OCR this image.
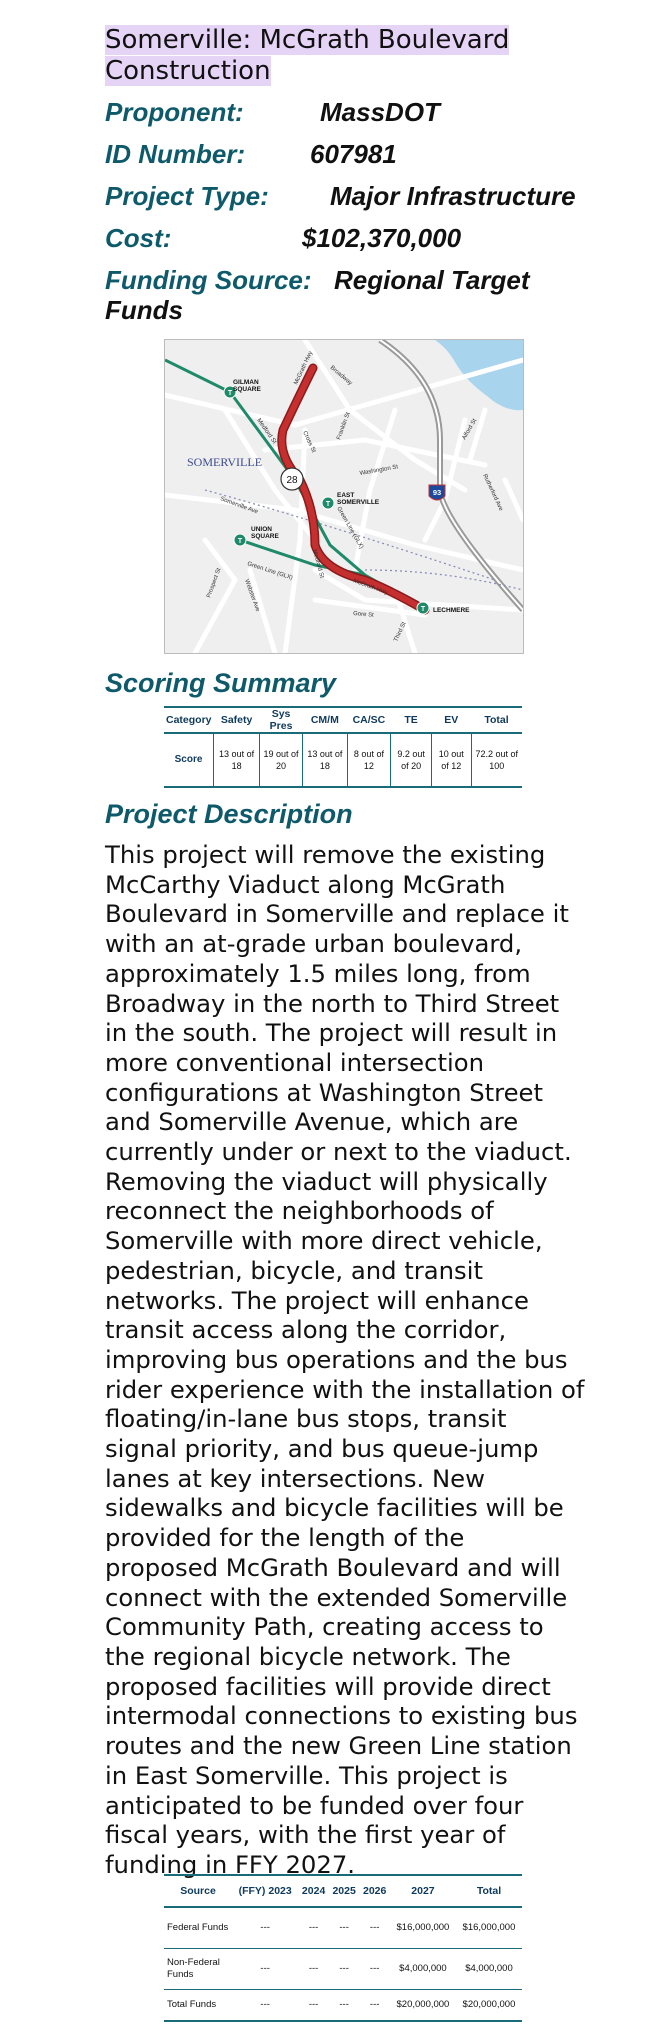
Somerville: McGrath Boulevard Construction
Proponent:	MassDOT
ID Number: 607981
Project Type: Major Infrastructure
Cost:	$102,370,000
Funding Source: Regional Target
Funds
T
T
T
T
28
93
GILMAN
SQUARE
EAST
SOMERVILLE
UNION
SQUARE
LECHMERE
SOMERVILLE
Broadway
McGrath Hwy
Medford St	Cross St
Franklin St
Washington St
Somerville Ave
Green Line (GLX)
Green Line (GLX)
Prospect St	Webster Ave
Medford St
McGrath Hwy
Gore St
Third St
Alford St
Rutherford Ave
Scoring Summary
Category	Safety	Sys Pres	CM/M	CA/SC	TE	EV	Total
Score	13 out of 18	19 out of 20	13 out of 18	8 out of 12	9.2 out of 20	10 out of 12	72.2 out of 100
Project Description
This project will remove the existing McCarthy Viaduct along McGrath Boulevard in Somerville and replace it with an at-grade urban boulevard, approximately 1.5 miles long, from Broadway in the north to Third Street in the south. The project will result in more conventional intersection configurations at Washington Street and Somerville Avenue, which are currently under or next to the viaduct. Removing the viaduct will physically reconnect the neighborhoods of Somerville with more direct vehicle, pedestrian, bicycle, and transit networks. The project will enhance transit access along the corridor, improving bus operations and the bus rider experience with the installation of floating/in-lane bus stops, transit signal priority, and bus queue-jump lanes at key intersections. New sidewalks and bicycle facilities will be provided for the length of the proposed McGrath Boulevard and will connect with the extended Somerville Community Path, creating access to the regional bicycle network. The proposed facilities will provide direct intermodal connections to existing bus routes and the new Green Line station in East Somerville. This project is anticipated to be funded over four fiscal years, with the first year of funding in FFY 2027.
Source	(FFY) 2023	2024	2025	2026	2027	Total
Federal Funds	---	---	---	---	$16,000,000	$16,000,000
Non-Federal Funds	---	---	---	---	$4,000,000	$4,000,000
Total Funds	---	---	---	---	$20,000,000	$20,000,000
